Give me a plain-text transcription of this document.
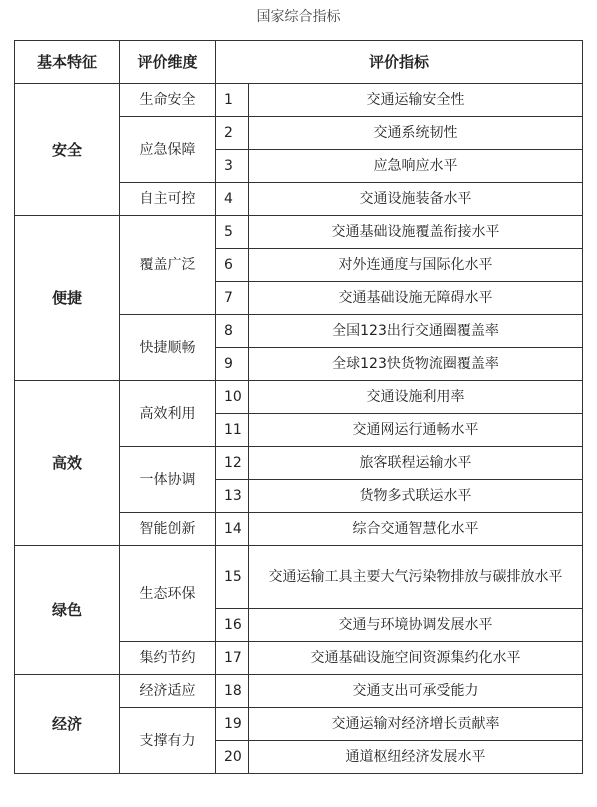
国家综合指标
基本特征	评价维度	评价指标	
安全	生命安全	1	交通运输安全性
	应急保障	2	交通系统韧性
		3	应急响应水平
	自主可控	4	交通设施装备水平
便捷	覆盖广泛	5	交通基础设施覆盖衔接水平
		6	对外连通度与国际化水平
		7	交通基础设施无障碍水平
	快捷顺畅	8	全国123出行交通圈覆盖率
		9	全球123快货物流圈覆盖率
高效	高效利用	10	交通设施利用率
		11	交通网运行通畅水平
	一体协调	12	旅客联程运输水平
		13	货物多式联运水平
	智能创新	14	综合交通智慧化水平
绿色	生态环保	15	交通运输工具主要大气污染物排放与碳排放水平
		16	交通与环境协调发展水平
	集约节约	17	交通基础设施空间资源集约化水平
经济	经济适应	18	交通支出可承受能力
	支撑有力	19	交通运输对经济增长贡献率
		20	通道枢纽经济发展水平
